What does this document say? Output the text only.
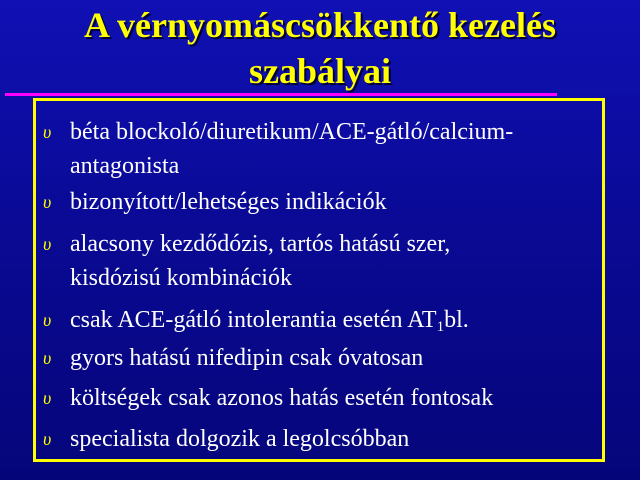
A vérnyomáscsökkentő kezelés
szabályai
υ béta blockoló/diuretikum/ACE-gátló/calcium-
antagonista
υ bizonyított/lehetséges indikációk
υ alacsony kezdődózis, tartós hatású szer,
kisdózisú kombinációk
υ csak ACE-gátló intolerantia esetén $AT_1bl$.
υ gyors hatású nifedipin csak óvatosan
υ költségek csak azonos hatás esetén fontosak
υ specialista dolgozik a legolcsóbban
